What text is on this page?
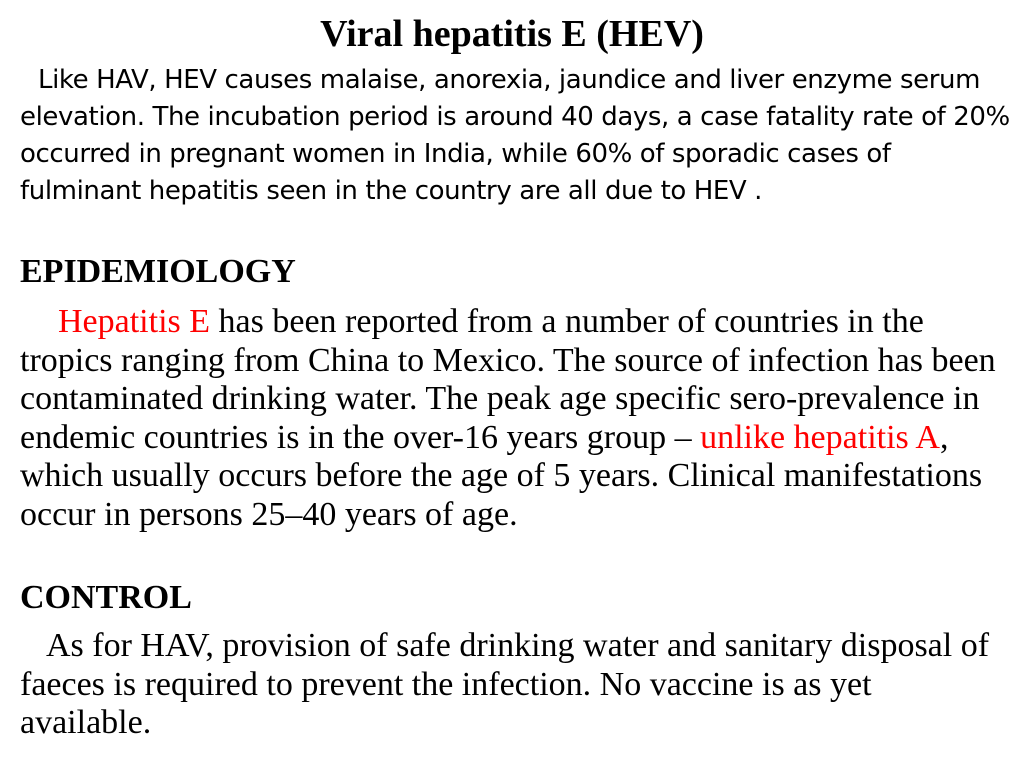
Viral hepatitis E (HEV)

Like HAV, HEV causes malaise, anorexia, jaundice and liver enzyme serum elevation. The incubation period is around 40 days, a case fatality rate of 20% occurred in pregnant women in India, while 60% of sporadic cases of fulminant hepatitis seen in the country are all due to HEV .

EPIDEMIOLOGY

Hepatitis E has been reported from a number of countries in the tropics ranging from China to Mexico. The source of infection has been contaminated drinking water. The peak age specific sero-prevalence in endemic countries is in the over-16 years group – unlike hepatitis A, which usually occurs before the age of 5 years. Clinical manifestations occur in persons 25–40 years of age.

CONTROL

As for HAV, provision of safe drinking water and sanitary disposal of faeces is required to prevent the infection. No vaccine is as yet available.
